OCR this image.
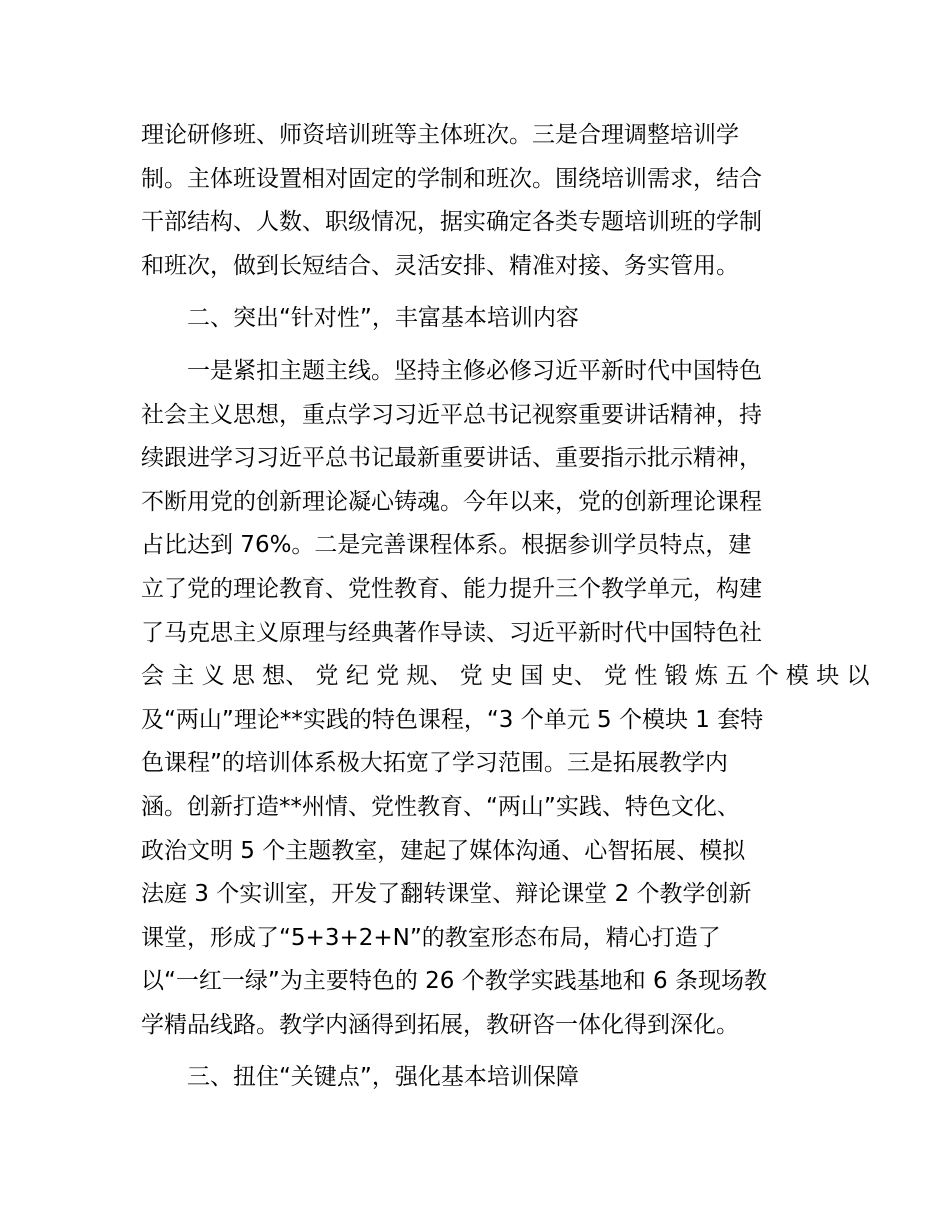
理论研修班、师资培训班等主体班次。三是合理调整培训学
制。主体班设置相对固定的学制和班次。围绕培训需求，结合
干部结构、人数、职级情况，据实确定各类专题培训班的学制
和班次，做到长短结合、灵活安排、精准对接、务实管用。
二、突出“针对性”，丰富基本培训内容
　　一是紧扣主题主线。坚持主修必修习近平新时代中国特色
社会主义思想，重点学习习近平总书记视察重要讲话精神，持
续跟进学习习近平总书记最新重要讲话、重要指示批示精神，
不断用党的创新理论凝心铸魂。今年以来，党的创新理论课程
占比达到 76%。二是完善课程体系。根据参训学员特点，建
立了党的理论教育、党性教育、能力提升三个教学单元，构建
了马克思主义原理与经典著作导读、习近平新时代中国特色社
会 主 义 思 想、 党 纪 党 规、 党 史 国 史、 党 性 锻 炼 五 个 模 块 以
及“两山”理论**实践的特色课程，“3 个单元 5 个模块 1 套特
色课程”的培训体系极大拓宽了学习范围。三是拓展教学内
涵。创新打造**州情、党性教育、“两山”实践、特色文化、
政治文明 5 个主题教室，建起了媒体沟通、心智拓展、模拟
法庭 3 个实训室，开发了翻转课堂、辩论课堂 2 个教学创新
课堂，形成了“5+3+2+N”的教室形态布局，精心打造了
以“一红一绿”为主要特色的 26 个教学实践基地和 6 条现场教
学精品线路。教学内涵得到拓展，教研咨一体化得到深化。
三、扭住“关键点”，强化基本培训保障
